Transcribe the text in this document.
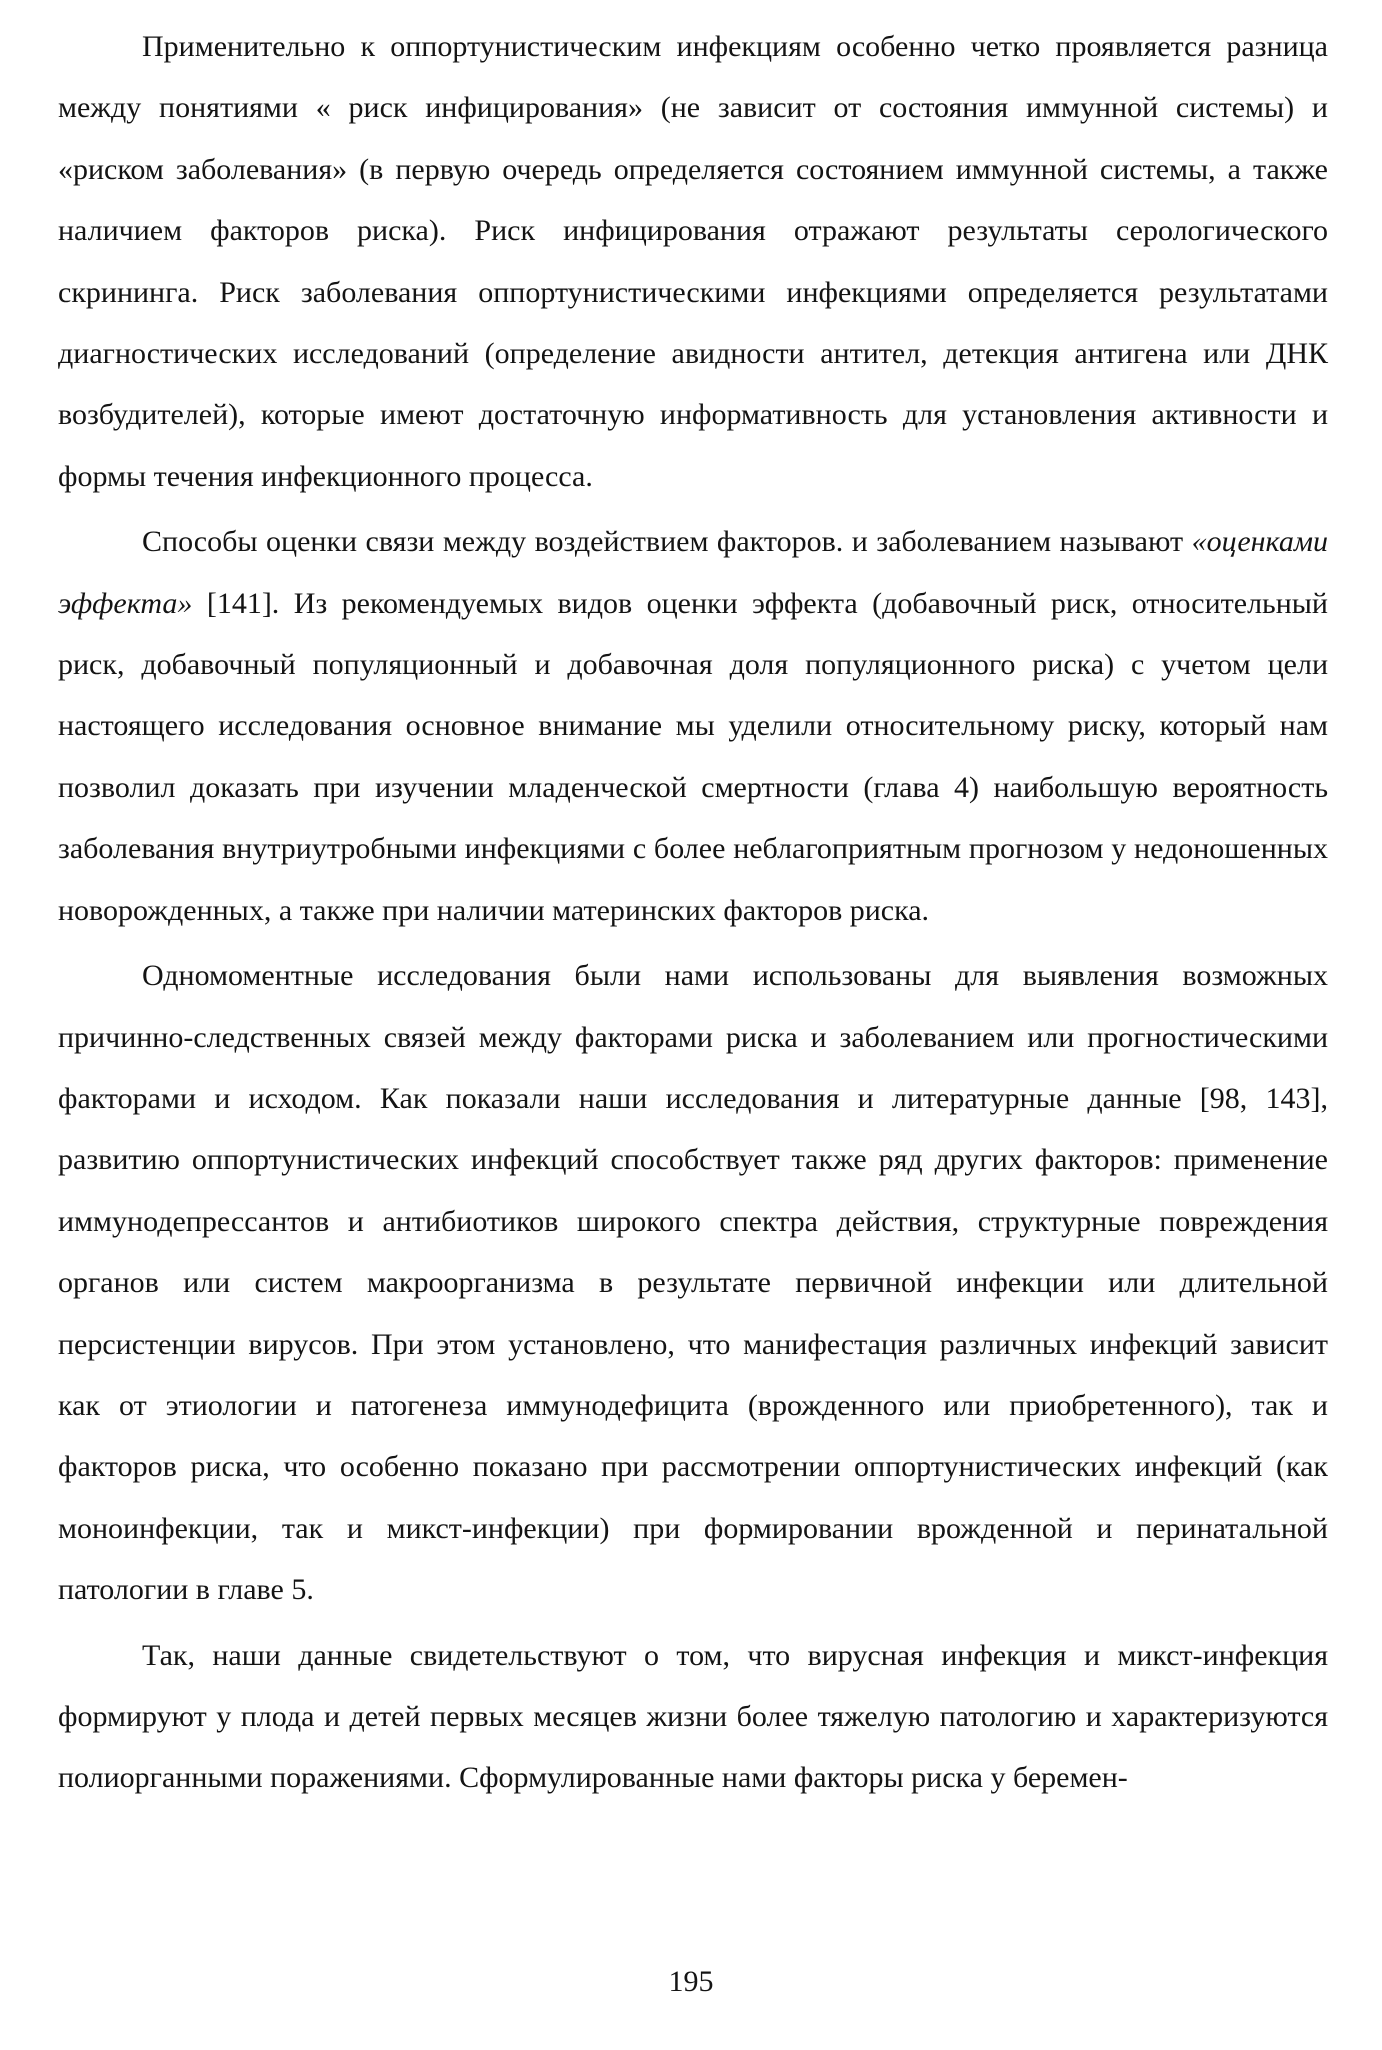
Применительно к оппортунистическим инфекциям особенно четко проявляется разница между понятиями « риск инфицирования» (не зависит от состояния иммунной системы) и «риском заболевания» (в первую очередь определяется состоянием иммунной системы, а также наличием факторов риска). Риск инфицирования отражают результаты серологического скрининга. Риск заболевания оппортунистическими инфекциями определяется результатами диагностических исследований (определение авидности антител, детекция антигена или ДНК возбудителей), которые имеют достаточную информативность для установления активности и формы течения инфекционного процесса.

Способы оценки связи между воздействием факторов. и заболеванием называют «оценками эффекта» [141]. Из рекомендуемых видов оценки эффекта (добавочный риск, относительный риск, добавочный популяционный и добавочная доля популяционного риска) с учетом цели настоящего исследования основное внимание мы уделили относительному риску, который нам позволил доказать при изучении младенческой смертности (глава 4) наибольшую вероятность заболевания внутриутробными инфекциями с более неблагоприятным прогнозом у недоношенных новорожденных, а также при наличии материнских факторов риска.

Одномоментные исследования были нами использованы для выявления возможных причинно-следственных связей между факторами риска и заболеванием или прогностическими факторами и исходом. Как показали наши исследования и литературные данные [98, 143], развитию оппортунистических инфекций способствует также ряд других факторов: применение иммунодепрессантов и антибиотиков широкого спектра действия, структурные повреждения органов или систем макроорганизма в результате первичной инфекции или длительной персистенции вирусов. При этом установлено, что манифестация различных инфекций зависит как от этиологии и патогенеза иммунодефицита (врожденного или приобретенного), так и факторов риска, что особенно показано при рассмотрении оппортунистических инфекций (как моноинфекции, так и микст-инфекции) при формировании врожденной и перинатальной патологии в главе 5.

Так, наши данные свидетельствуют о том, что вирусная инфекция и микст-инфекция формируют у плода и детей первых месяцев жизни более тяжелую патологию и характеризуются полиорганными поражениями. Сформулированные нами факторы риска у беремен-

195
